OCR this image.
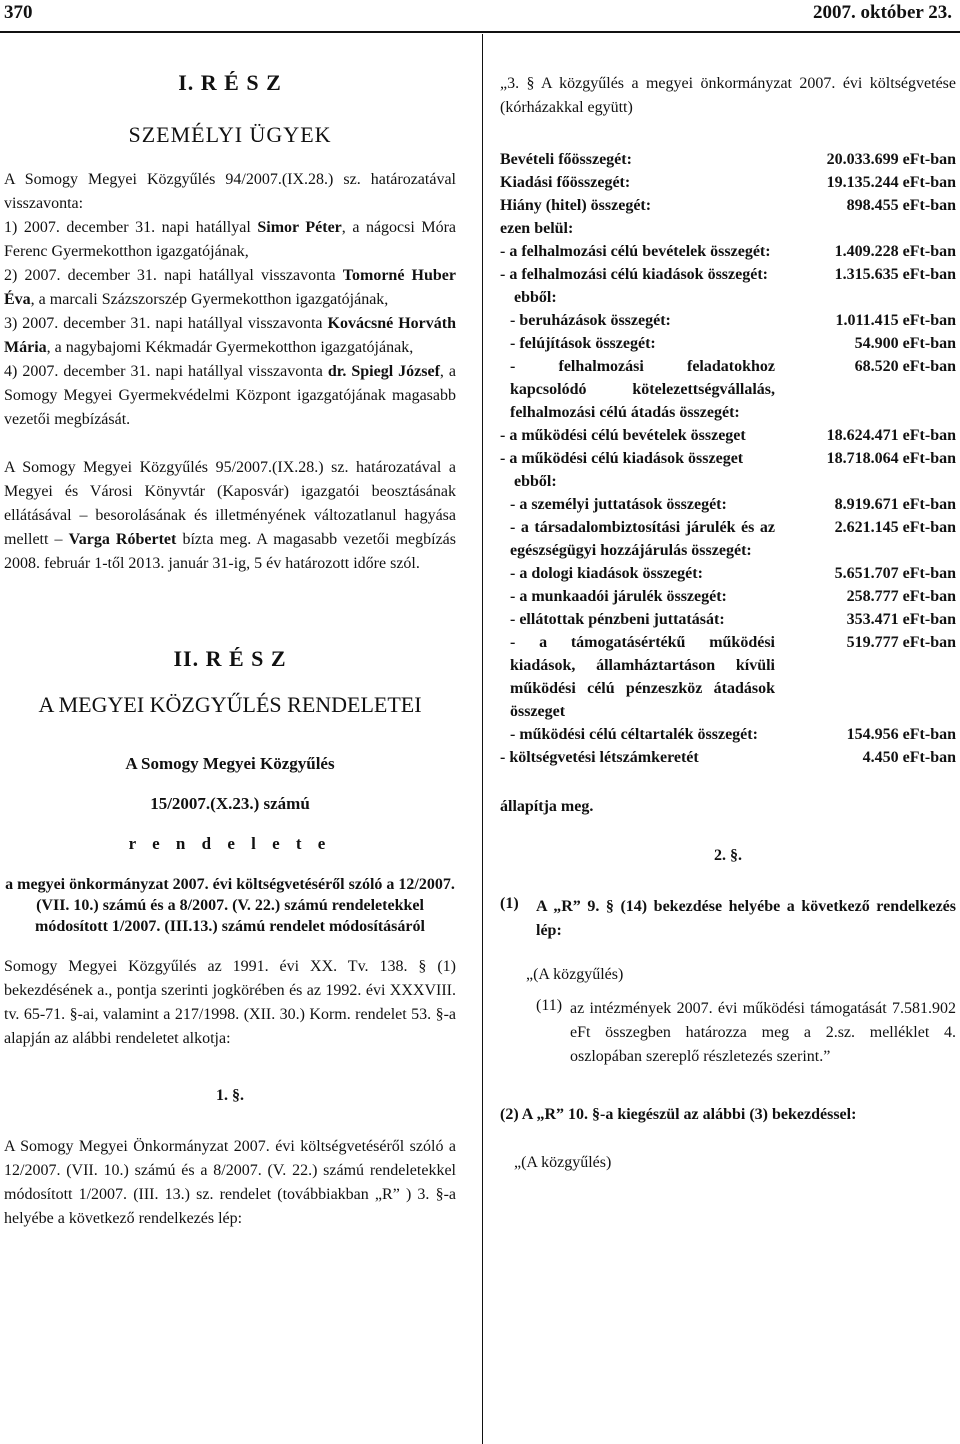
370	2007. október 23.
I. R É S Z
SZEMÉLYI ÜGYEK

A Somogy Megyei Közgyűlés 94/2007.(IX.28.) sz. határozatával visszavonta:

1) 2007. december 31. napi hatállyal Simor Péter, a nágocsi Móra Ferenc Gyermekotthon igazgatójának,

2) 2007. december 31. napi hatállyal visszavonta Tomorné Huber Éva, a marcali Százszorszép Gyermekotthon igazgatójának,

3) 2007. december 31. napi hatállyal visszavonta Kovácsné Horváth Mária, a nagybajomi Kékmadár Gyermekotthon igazgatójának,

4) 2007. december 31. napi hatállyal visszavonta dr. Spiegl József, a Somogy Megyei Gyermekvédelmi Központ igazgatójának magasabb vezetői megbízását.

A Somogy Megyei Közgyűlés 95/2007.(IX.28.) sz. határozatával a Megyei és Városi Könyvtár (Kaposvár) igazgatói beosztásának ellátásával – besorolásának és illetményének változatlanul hagyása mellett – Varga Róbertet bízta meg. A magasabb vezetői megbízás 2008. február 1-től 2013. január 31-ig, 5 év határozott időre szól.

II. R É S Z
A MEGYEI KÖZGYŰLÉS RENDELETEI
A Somogy Megyei Közgyűlés
15/2007.(X.23.) számú
r e n d e l e t e
a megyei önkormányzat 2007. évi költségvetéséről szóló a 12/2007. (VII. 10.) számú és a 8/2007. (V. 22.) számú rendeletekkel módosított 1/2007. (III.13.) számú rendelet módosításáról

Somogy Megyei Közgyűlés az 1991. évi XX. Tv. 138. § (1) bekezdésének a., pontja szerinti jogkörében és az 1992. évi XXXVIII. tv. 65-71. §-ai, valamint a 217/1998. (XII. 30.) Korm. rendelet 53. §-a alapján az alábbi rendeletet alkotja:

1. §.

A Somogy Megyei Önkormányzat 2007. évi költségvetéséről szóló a 12/2007. (VII. 10.) számú és a 8/2007. (V. 22.) számú rendeletekkel módosított 1/2007. (III. 13.) sz. rendelet (továbbiakban „R” ) 3. §-a helyébe a következő rendelkezés lép:

„3. § A közgyűlés a megyei önkormányzat 2007. évi költségvetése (kórházakkal együtt)

Bevételi főösszegét:	20.033.699 eFt-ban
Kiadási főösszegét:	19.135.244 eFt-ban
Hiány (hitel) összegét:	898.455 eFt-ban
ezen belül:
- a felhalmozási célú bevételek összegét:	1.409.228 eFt-ban
- a felhalmozási célú kiadások összegét:	1.315.635 eFt-ban
ebből:
- beruházások összegét:	1.011.415 eFt-ban
- felújítások összegét:	54.900 eFt-ban
- felhalmozási feladatokhoz kapcsolódó kötelezettségvállalás, felhalmozási célú átadás összegét:
68.520 eFt-ban
- a működési célú bevételek összeget	18.624.471 eFt-ban
- a működési célú kiadások összeget	18.718.064 eFt-ban
ebből:
- a személyi juttatások összegét:	8.919.671 eFt-ban
- a társadalombiztosítási járulék és az egészségügyi hozzájárulás összegét:
2.621.145 eFt-ban
- a dologi kiadások összegét:	5.651.707 eFt-ban
- a munkaadói járulék összegét:	258.777 eFt-ban
- ellátottak pénzbeni juttatását:	353.471 eFt-ban
- a támogatásértékű működési kiadások, államháztartáson kívüli működési célú pénzeszköz átadások összeget
519.777 eFt-ban
- működési célú céltartalék összegét:	154.956 eFt-ban
- költségvetési létszámkeretét	4.450 eFt-ban

állapítja meg.

2. §.
(1)	A „R” 9. § (14) bekezdése helyébe a következő rendelkezés lép:

„(A közgyűlés)

(11) az intézmények 2007. évi működési támogatását 7.581.902 eFt összegben határozza meg a 2.sz. melléklet 4. oszlopában szereplő részletezés szerint.”

(2) A „R” 10. §-a kiegészül az alábbi (3) bekezdéssel:

„(A közgyűlés)
